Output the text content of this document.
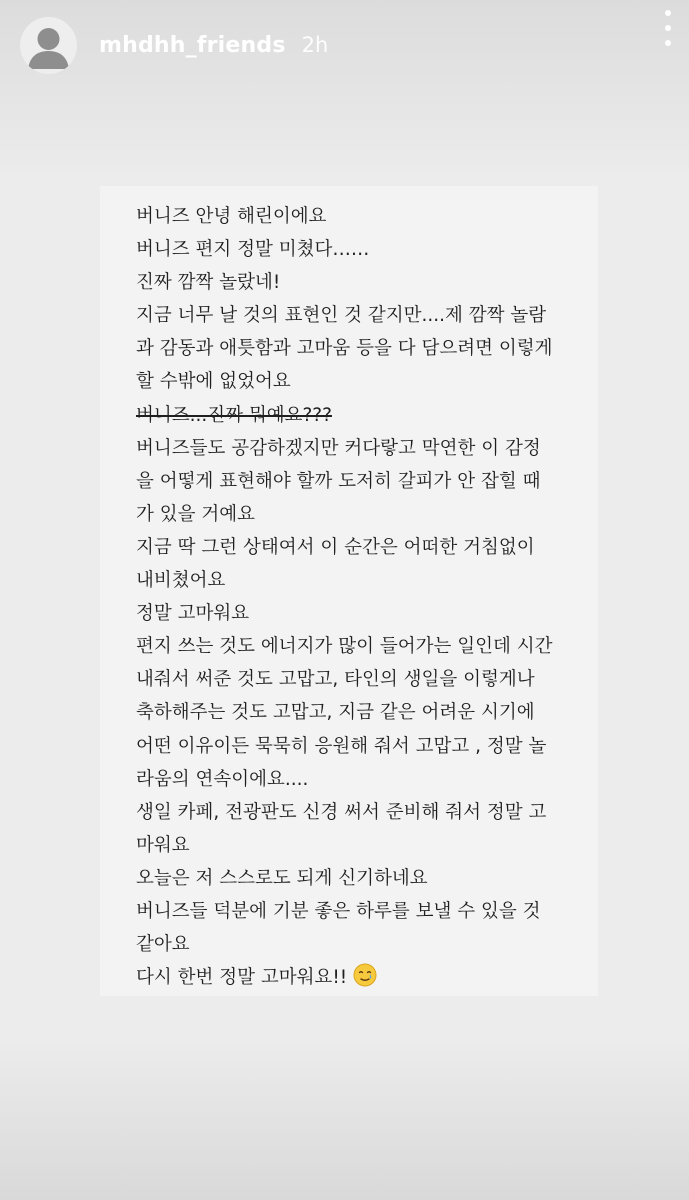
mhdhh_friends 2h
버니즈 안녕 해린이에요
버니즈 편지 정말 미쳤다……
진짜 깜짝 놀랐네!
지금 너무 날 것의 표현인 것 같지만....제 깜짝 놀람
과 감동과 애틋함과 고마움 등을 다 담으려면 이렇게
할 수밖에 없었어요
버니즈...진짜 뭐예요???
버니즈들도 공감하겠지만 커다랗고 막연한 이 감정
을 어떻게 표현해야 할까 도저히 갈피가 안 잡힐 때
가 있을 거예요
지금 딱 그런 상태여서 이 순간은 어떠한 거침없이
내비쳤어요
정말 고마워요
편지 쓰는 것도 에너지가 많이 들어가는 일인데 시간
내줘서 써준 것도 고맙고, 타인의 생일을 이렇게나
축하해주는 것도 고맙고, 지금 같은 어려운 시기에
어떤 이유이든 묵묵히 응원해 줘서 고맙고 , 정말 놀
라움의 연속이에요....
생일 카페, 전광판도 신경 써서 준비해 줘서 정말 고
마워요
오늘은 저 스스로도 되게 신기하네요
버니즈들 덕분에 기분 좋은 하루를 보낼 수 있을 것
같아요
다시 한번 정말 고마워요!!
